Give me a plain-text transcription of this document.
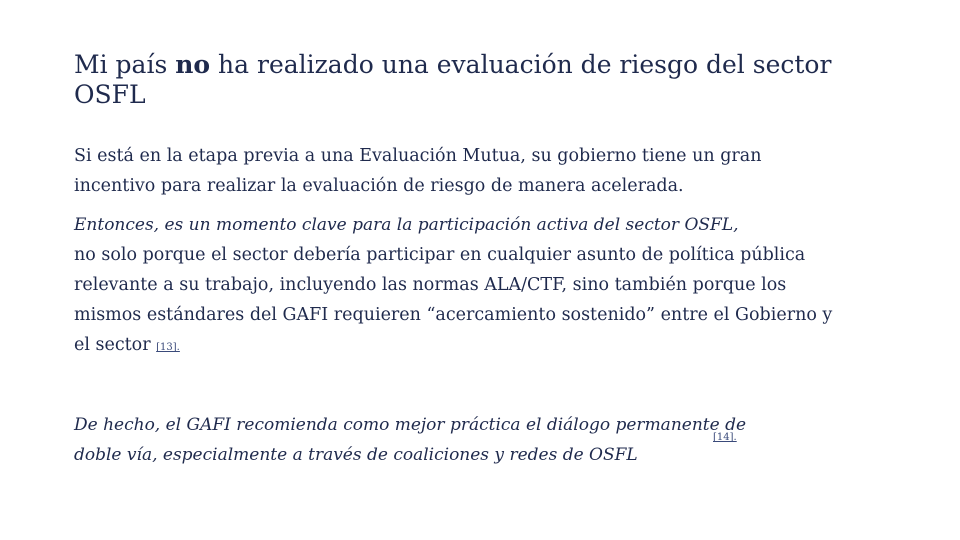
Mi país no ha realizado una evaluación de riesgo del sector OSFL

Si está en la etapa previa a una Evaluación Mutua, su gobierno tiene un gran incentivo para realizar la evaluación de riesgo de manera acelerada.

Entonces, es un momento clave para la participación activa del sector OSFL,
no solo porque el sector debería participar en cualquier asunto de política pública relevante a su trabajo, incluyendo las normas ALA/CTF, sino también porque los mismos estándares del GAFI requieren “acercamiento sostenido” entre el Gobierno y el sector [13].

De hecho, el GAFI recomienda como mejor práctica el diálogo permanente de doble vía, especialmente a través de coaliciones y redes de OSFL

[14].
